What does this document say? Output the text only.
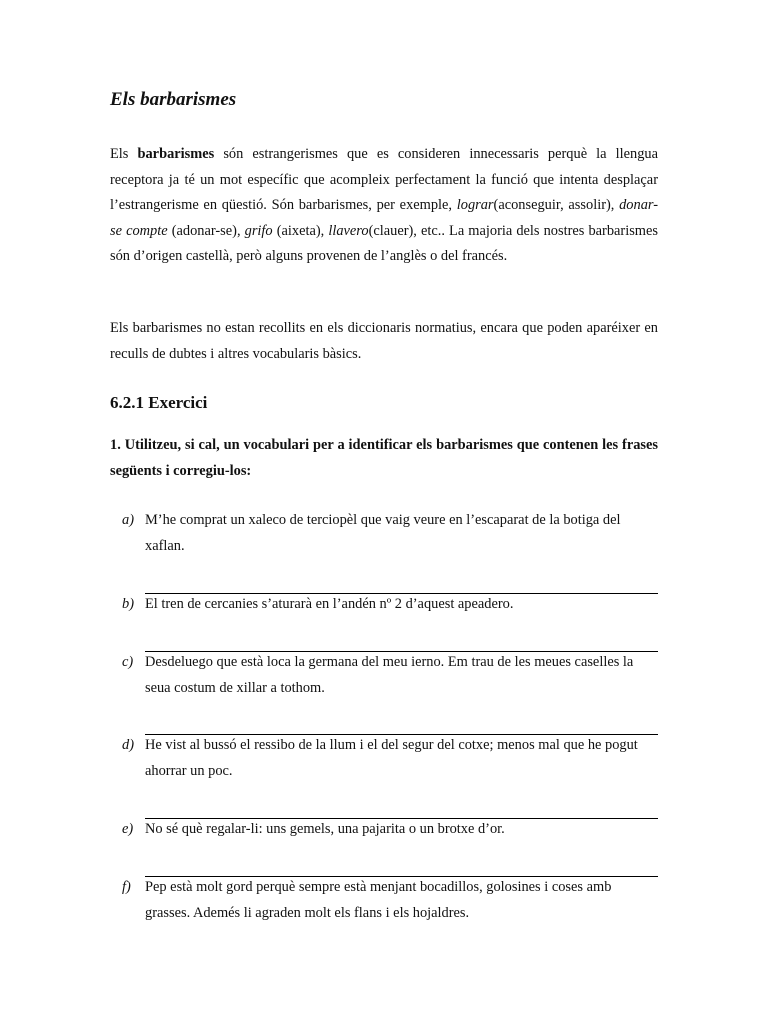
Els barbarismes

Els barbarismes són estrangerismes que es consideren innecessaris perquè la llengua receptora ja té un mot específic que acompleix perfectament la funció que intenta desplaçar l’estrangerisme en qüestió. Són barbarismes, per exemple, lograr(aconseguir, assolir), donar-se compte (adonar-se), grifo (aixeta), llavero(clauer), etc.. La majoria dels nostres barbarismes són d’origen castellà, però alguns provenen de l’anglès o del francés.

Els barbarismes no estan recollits en els diccionaris normatius, encara que poden aparéixer en reculls de dubtes i altres vocabularis bàsics.

6.2.1 Exercici

1. Utilitzeu, si cal, un vocabulari per a identificar els barbarismes que contenen les frases següents i corregiu-los:

a) M’he comprat un xaleco de terciopèl que vaig veure en l’escaparat de la botiga del xaflan.
b) El tren de cercanies s’aturarà en l’andén nº 2 d’aquest apeadero.
c) Desdeluego que està loca la germana del meu ierno. Em trau de les meues caselles la seua costum de xillar a tothom.
d) He vist al bussó el ressibo de la llum i el del segur del cotxe; menos mal que he pogut ahorrar un poc.
e) No sé què regalar-li: uns gemels, una pajarita o un brotxe d’or.
f) Pep està molt gord perquè sempre està menjant bocadillos, golosines i coses amb grasses. Ademés li agraden molt els flans i els hojaldres.
